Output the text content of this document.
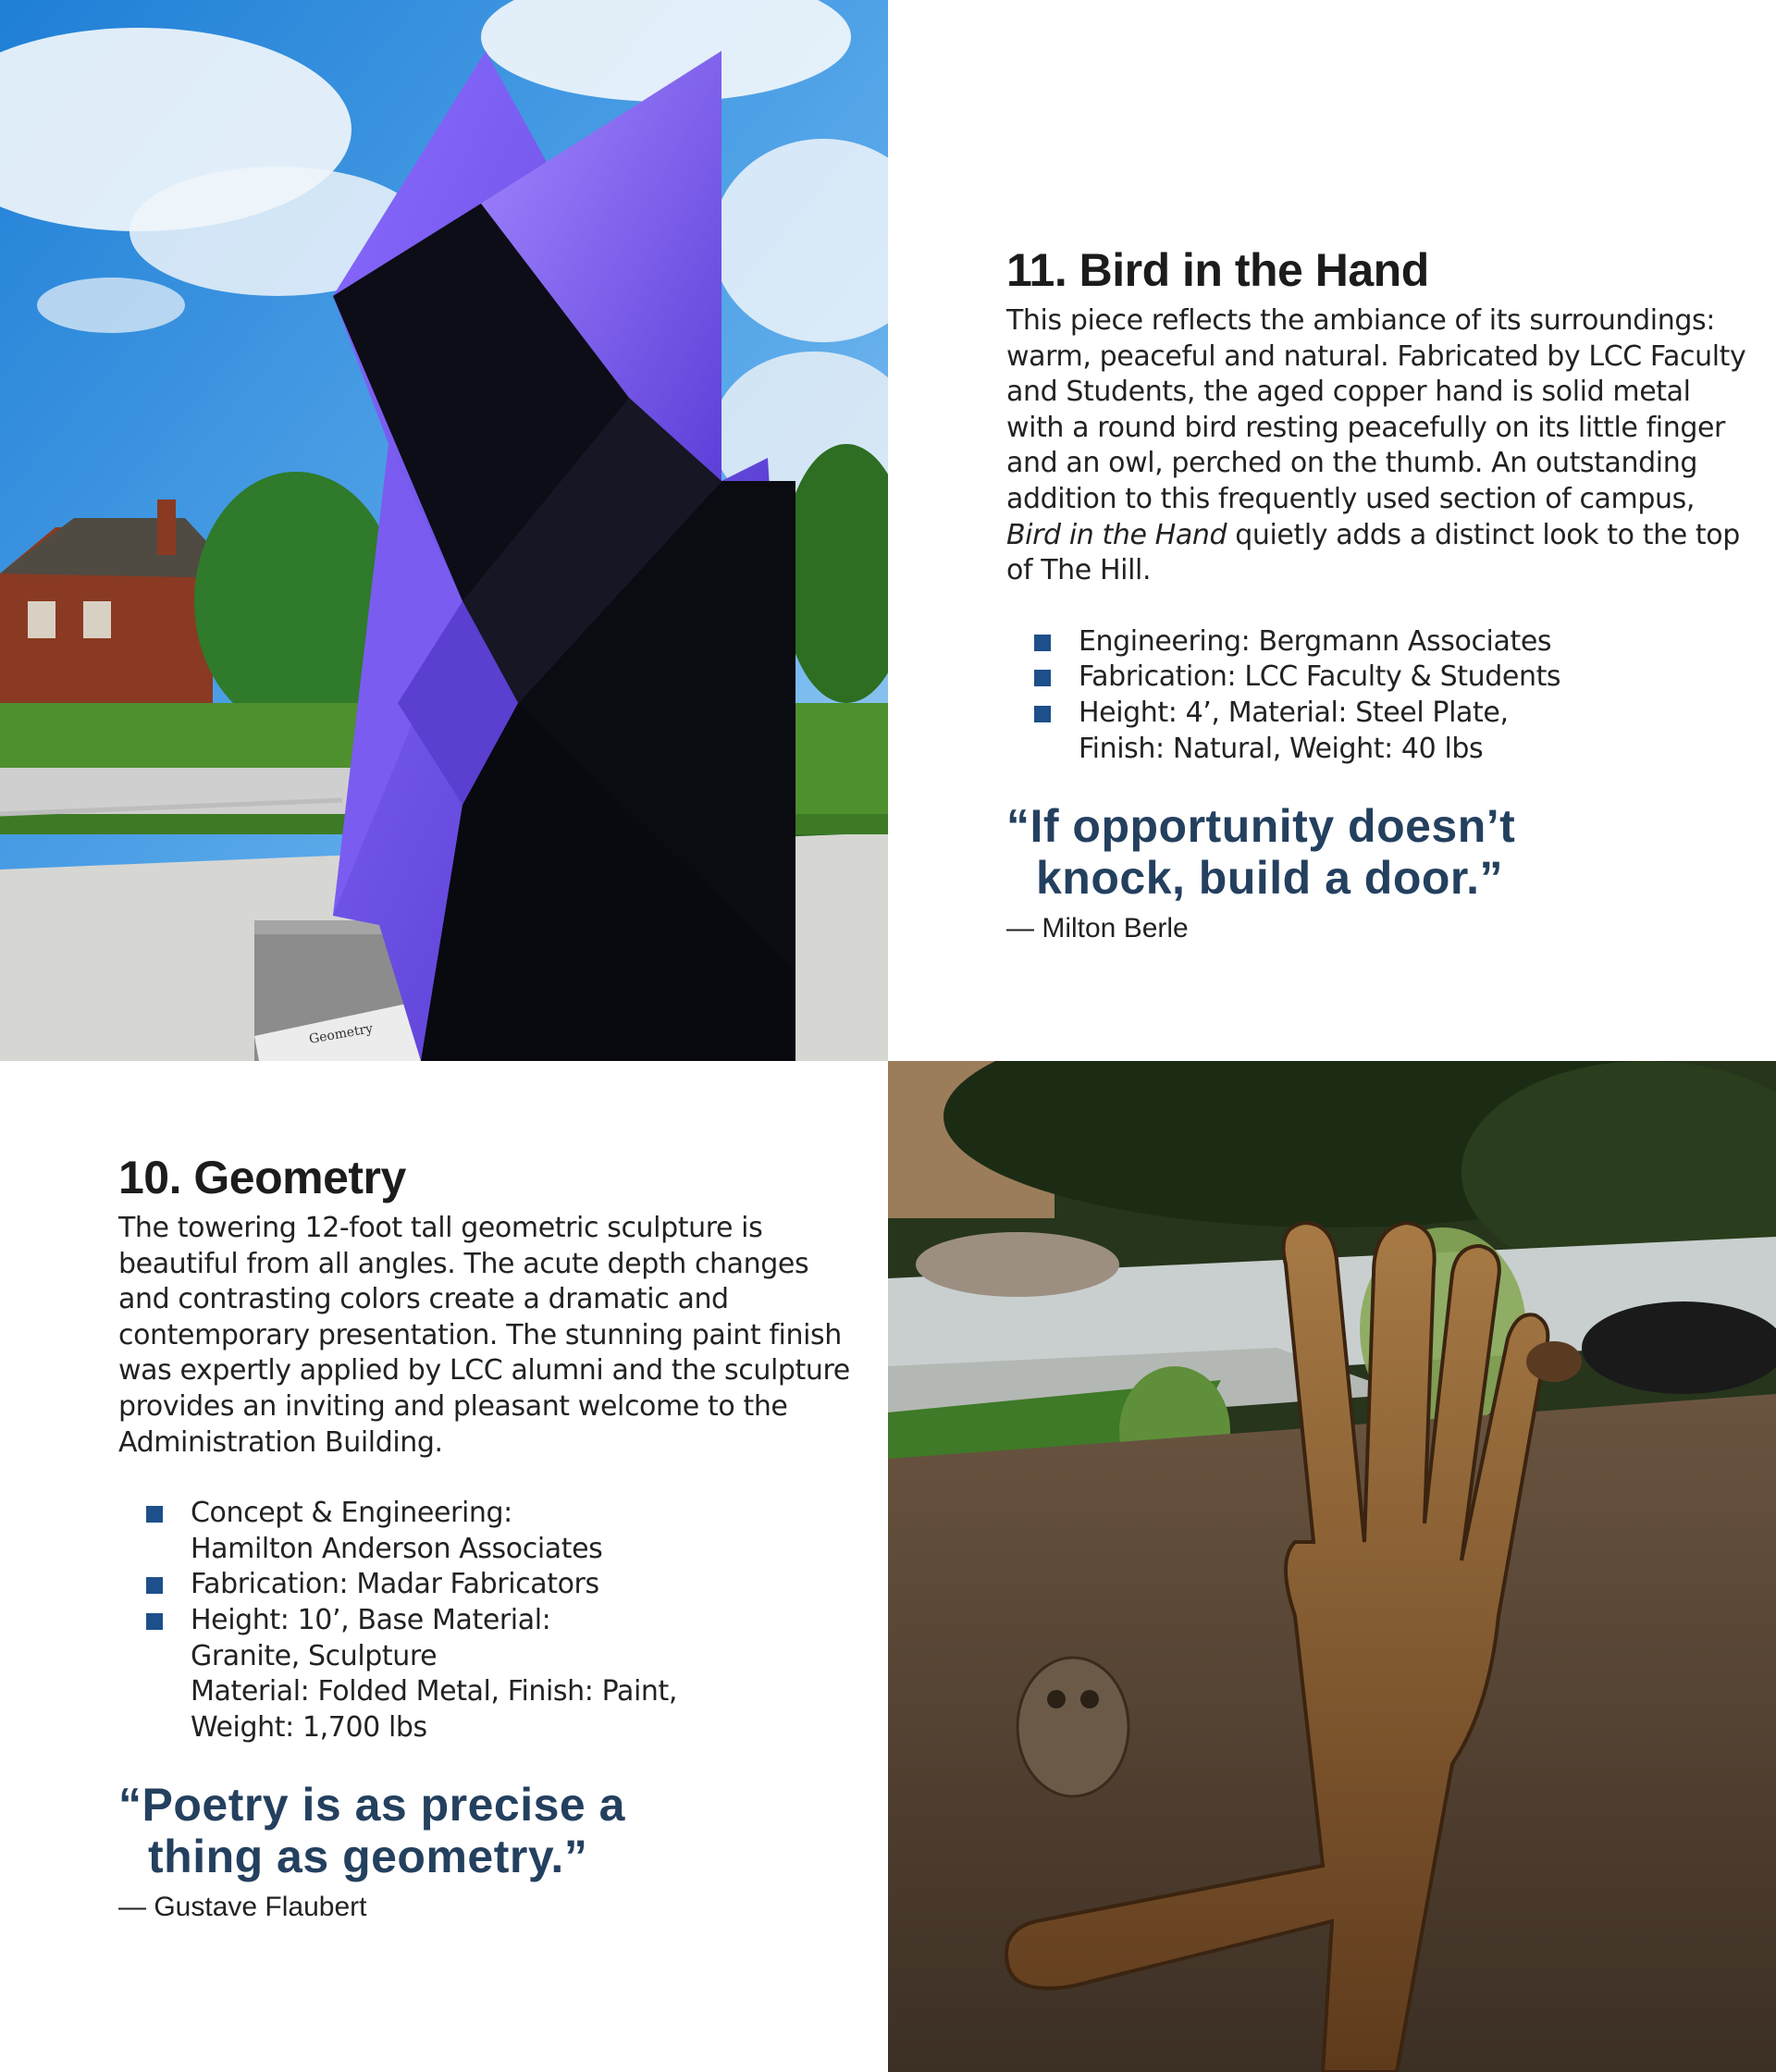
Geometry
11. Bird in the Hand

This piece reflects the ambiance of its surroundings: warm, peaceful and natural. Fabricated by LCC Faculty and Students, the aged copper hand is solid metal with a round bird resting peacefully on its little finger and an owl, perched on the thumb. An outstanding addition to this frequently used section of campus, Bird in the Hand quietly adds a distinct look to the top of The Hill.

Engineering: Bergmann Associates
Fabrication: LCC Faculty & Students
Height: 4’, Material: Steel Plate,
Finish: Natural, Weight: 40 lbs
“If opportunity doesn’t
knock, build a door.”

— Milton Berle

10. Geometry

The towering 12-foot tall geometric sculpture is beautiful from all angles. The acute depth changes and contrasting colors create a dramatic and contemporary presentation. The stunning paint finish was expertly applied by LCC alumni and the sculpture provides an inviting and pleasant welcome to the Administration Building.

Concept & Engineering:
Hamilton Anderson Associates
Fabrication: Madar Fabricators
Height: 10’, Base Material:
Granite, Sculpture
Material: Folded Metal, Finish: Paint,
Weight: 1,700 lbs
“Poetry is as precise a
thing as geometry.”

— Gustave Flaubert
